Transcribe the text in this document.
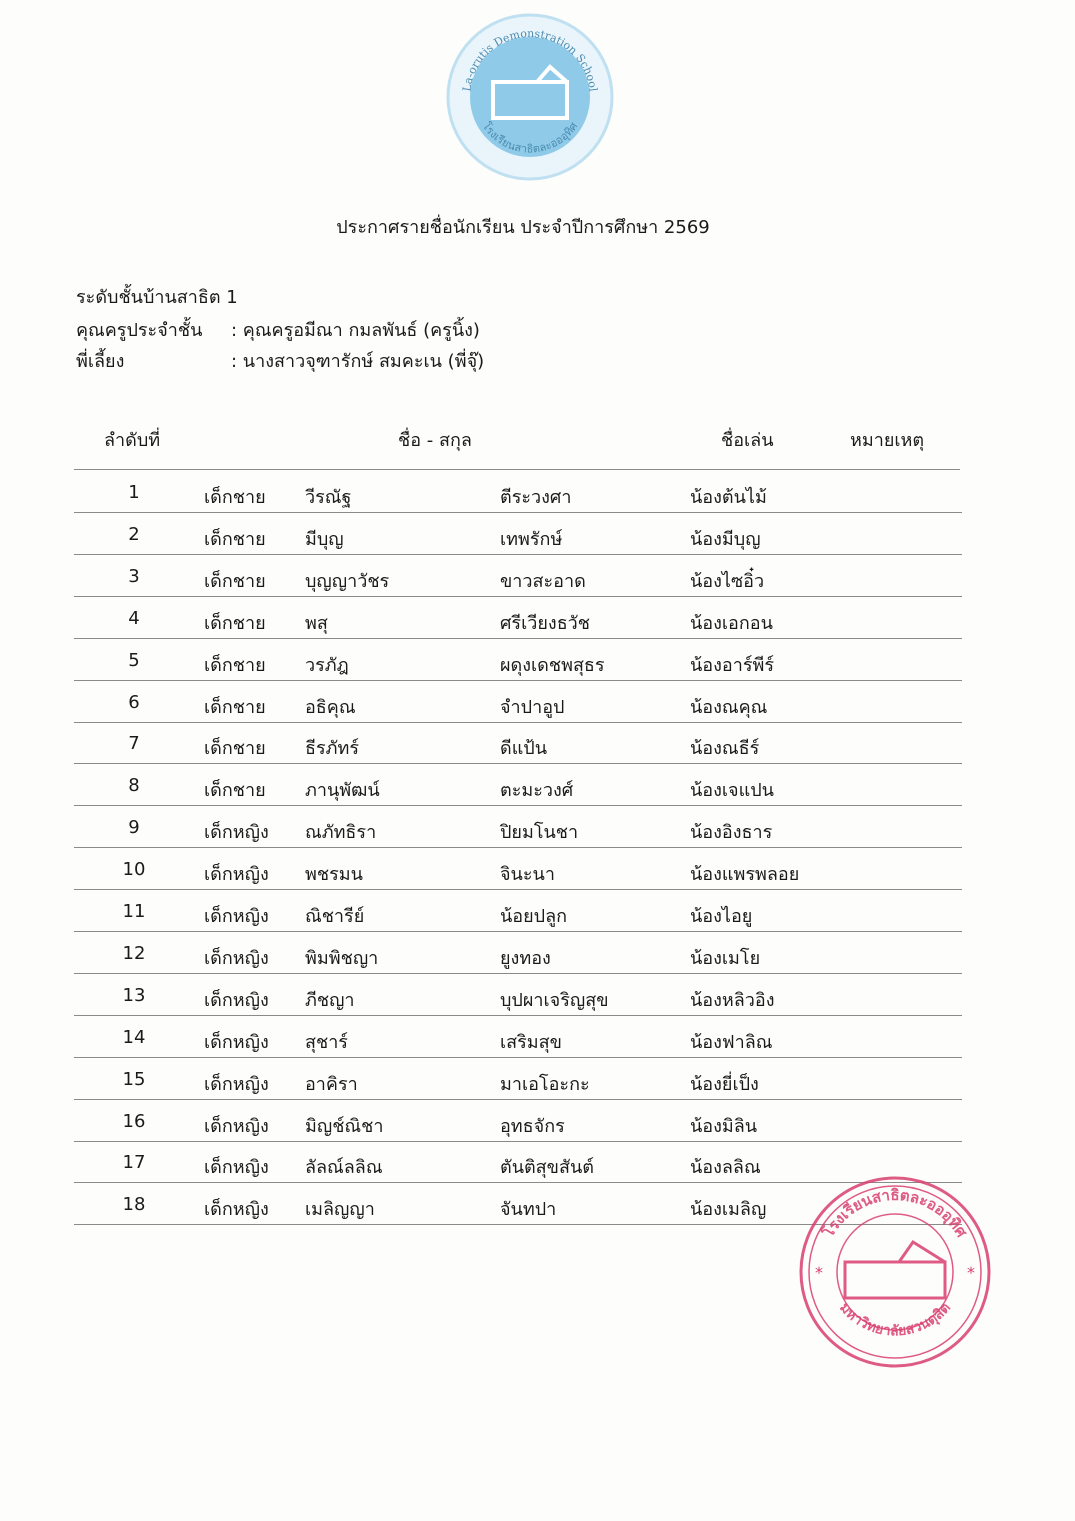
La-orutis Demonstration School
โรงเรียนสาธิตละอออุทิศ
ประกาศรายชื่อนักเรียน ประจำปีการศึกษา 2569
ระดับชั้นบ้านสาธิต 1
คุณครูประจำชั้น : คุณครูอมีณา กมลพันธ์ (ครูนิ้ง)
พี่เลี้ยง	: นางสาวจุฑารักษ์ สมคะเน (พี่จุ๊)
ลำดับที่	ชื่อ - สกุล	ชื่อเล่น	หมายเหตุ
1	เด็กชาย วีรณัฐ	ตีระวงศา	น้องต้นไม้
2	เด็กชาย มีบุญ	เทพรักษ์	น้องมีบุญ
3	เด็กชาย บุญญาวัชร	ขาวสะอาด	น้องไซอิ๋ว
4	เด็กชาย พสุ	ศรีเวียงธวัช	น้องเอกอน
5	เด็กชาย วรภัฎ	ผดุงเดชพสุธร	น้องอาร์พีร์
6	เด็กชาย อธิคุณ	จำปาอูป	น้องณคุณ
7	เด็กชาย ธีรภัทร์	ดีแป้น	น้องณธีร์
8	เด็กชาย ภานุพัฒน์	ตะมะวงศ์	น้องเจแปน
9	เด็กหญิง ณภัทธิรา	ปิยมโนชา	น้องอิงธาร
10	เด็กหญิง พชรมน	จินะนา	น้องแพรพลอย
11	เด็กหญิง ณิชารีย์	น้อยปลูก	น้องไอยู
12	เด็กหญิง พิมพิชญา	ยูงทอง	น้องเมโย
13	เด็กหญิง ภีชญา	บุปผาเจริญสุข	น้องหลิวอิง
14	เด็กหญิง สุชาร์	เสริมสุข	น้องฟาลิณ
15	เด็กหญิง อาคิรา	มาเอโอะกะ	น้องยี่เป็ง
16	เด็กหญิง มิญช์ณิชา	อุทธจักร	น้องมิลิน
17	เด็กหญิง ลัลณ์ลลิณ	ตันติสุขสันต์	น้องลลิณ
18	เด็กหญิง เมลิญญา	จันทปา	น้องเมลิญ
โรงเรียนสาธิตละอออุทิศ
มหาวิทยาลัยสวนดุสิต
*	*
